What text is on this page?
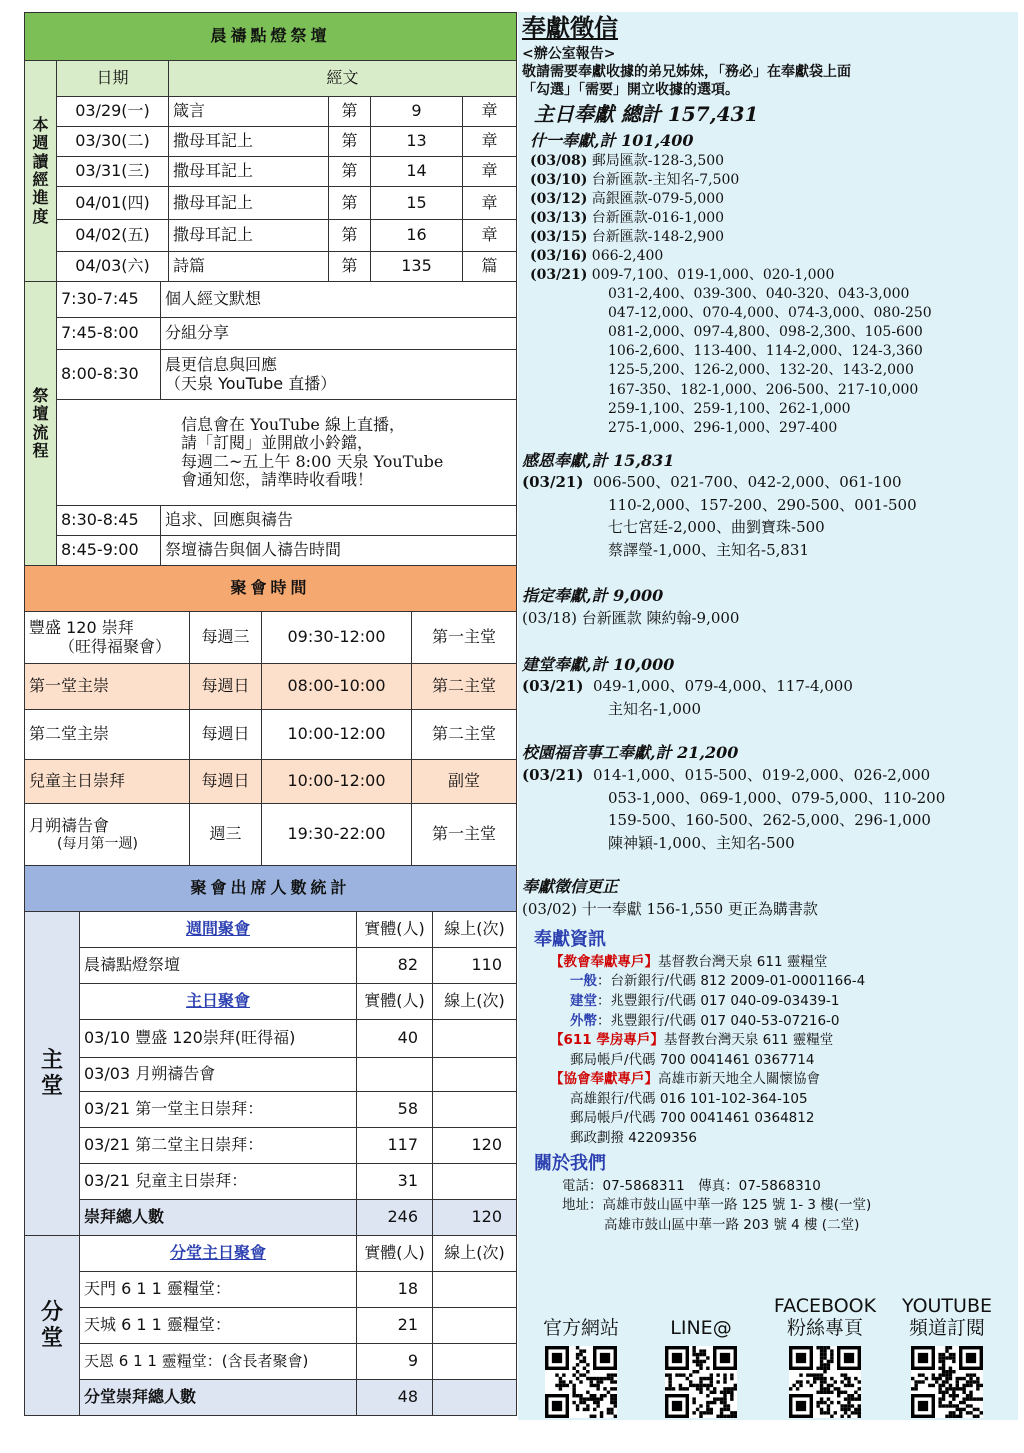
晨禱點燈祭壇					

本週讀經進度	日期	經文			
	03/29(一)	箴言	第	9	章
	03/30(二)	撒母耳記上	第	13	章
	03/31(三)	撒母耳記上	第	14	章
	04/01(四)	撒母耳記上	第	15	章
	04/02(五)	撒母耳記上	第	16	章
	04/03(六)	詩篇	第	135	篇
祭壇流程	7:30-7:45	個人經文默想
	7:45-8:00	分組分享
	8:00-8:30	晨更信息與回應
（天泉 YouTube 直播）

	信息會在 YouTube 線上直播，
請「訂閱」並開啟小鈴鐺，
每週二~五上午 8:00 天泉 YouTube
會通知您，請準時收看哦！	

	8:30-8:45	追求、回應與禱告
	8:45-9:00	祭壇禱告與個人禱告時間
聚會時間			

豐盛 120 崇拜
（旺得福聚會）	每週三	09:30-12:00	第一主堂
第一堂主崇	每週日	08:00-10:00	第二主堂
第二堂主崇	每週日	10:00-12:00	第二主堂
兒童主日崇拜	每週日	10:00-12:00	副堂

月朔禱告會
(每月第一週)	週三	19:30-22:00	第一主堂
聚會出席人數統計			

主堂	週間聚會	實體(人)	線上(次)
	晨禱點燈祭壇	82	110
	主日聚會	實體(人)	線上(次)
	03/10 豐盛 120崇拜(旺得福)	40	
	03/03 月朔禱告會		
	03/21 第一堂主日崇拜：	58	
	03/21 第二堂主日崇拜：	117	120
	03/21 兒童主日崇拜：	31	
	崇拜總人數	246	120
分堂	分堂主日聚會	實體(人)	線上(次)
	天門 6 1 1 靈糧堂：	18	
	天城 6 1 1 靈糧堂：	21	
	天恩 6 1 1 靈糧堂：(含長者聚會)	9	
	分堂崇拜總人數	48	
奉獻徵信
<辦公室報告>
敬請需要奉獻收據的弟兄姊妹，「務必」在奉獻袋上面
「勾選」「需要」開立收據的選項。
主日奉獻 總計 157,431
什一奉獻,計 101,400
(03/08) 郵局匯款-128-3,500
(03/10) 台新匯款-主知名-7,500
(03/12) 高銀匯款-079-5,000
(03/13) 台新匯款-016-1,000
(03/15) 台新匯款-148-2,900
(03/16) 066-2,400
(03/21) 009-7,100、019-1,000、020-1,000
031-2,400、039-300、040-320、043-3,000
047-12,000、070-4,000、074-3,000、080-250
081-2,000、097-4,800、098-2,300、105-600
106-2,600、113-400、114-2,000、124-3,360
125-5,200、126-2,000、132-20、143-2,000
167-350、182-1,000、206-500、217-10,000
259-1,100、259-1,100、262-1,000
275-1,000、296-1,000、297-400
感恩奉獻,計 15,831
(03/21) 006-500、021-700、042-2,000、061-100
110-2,000、157-200、290-500、001-500
七七宮廷-2,000、曲劉寶珠-500
蔡譯瑩-1,000、主知名-5,831
指定奉獻,計 9,000
(03/18) 台新匯款 陳約翰-9,000
建堂奉獻,計 10,000
(03/21) 049-1,000、079-4,000、117-4,000
主知名-1,000
校園福音事工奉獻,計 21,200
(03/21) 014-1,000、015-500、019-2,000、026-2,000
053-1,000、069-1,000、079-5,000、110-200
159-500、160-500、262-5,000、296-1,000
陳神穎-1,000、主知名-500
奉獻徵信更正
(03/02) 十一奉獻 156-1,550 更正為購書款
奉獻資訊
【教會奉獻專戶】基督教台灣天泉 611 靈糧堂
一般：台新銀行/代碼 812 2009-01-0001166-4
建堂：兆豐銀行/代碼 017 040-09-03439-1
外幣：兆豐銀行/代碼 017 040-53-07216-0
【611 學房專戶】基督教台灣天泉 611 靈糧堂
郵局帳戶/代碼 700 0041461 0367714
【協會奉獻專戶】高雄市新天地全人關懷協會
高雄銀行/代碼 016 101-102-364-105
郵局帳戶/代碼 700 0041461 0364812
郵政劃撥 42209356
關於我們
電話：07-5868311　傳真：07-5868310
地址：高雄市鼓山區中華一路 125 號 1- 3 樓(一堂)
高雄市鼓山區中華一路 203 號 4 樓 (二堂)
官方網站	LINE@
FACEBOOK
粉絲專頁
YOUTUBE
頻道訂閱
